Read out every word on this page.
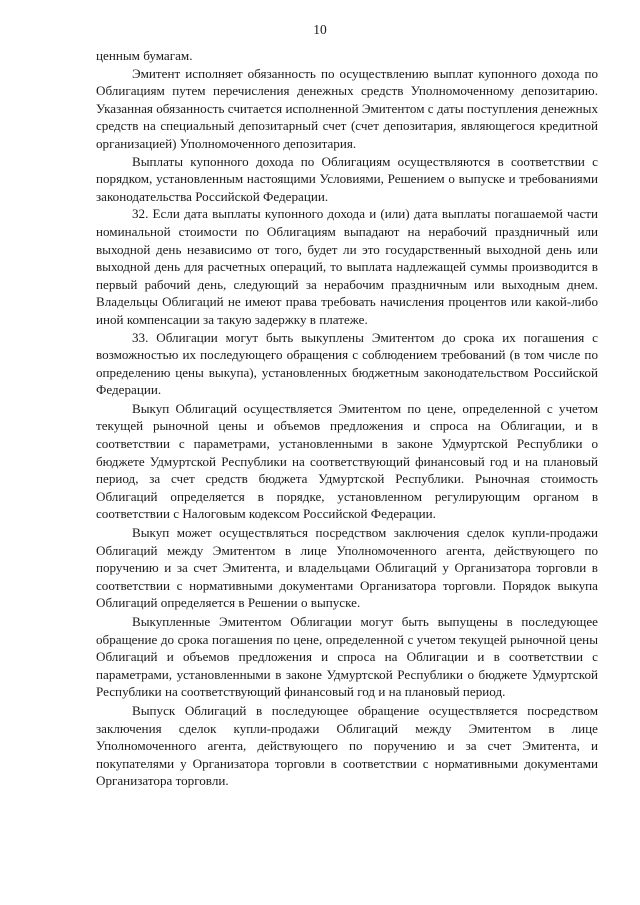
10

ценным бумагам.

Эмитент исполняет обязанность по осуществлению выплат купонного дохода по Облигациям путем перечисления денежных средств Уполномоченному депозитарию. Указанная обязанность считается исполненной Эмитентом с даты поступления денежных средств на специальный депозитарный счет (счет депозитария, являющегося кредитной организацией) Уполномоченного депозитария.

Выплаты купонного дохода по Облигациям осуществляются в соответствии с порядком, установленным настоящими Условиями, Решением о выпуске и требованиями законодательства Российской Федерации.

32. Если дата выплаты купонного дохода и (или) дата выплаты погашаемой части номинальной стоимости по Облигациям выпадают на нерабочий праздничный или выходной день независимо от того, будет ли это государственный выходной день или выходной день для расчетных операций, то выплата надлежащей суммы производится в первый рабочий день, следующий за нерабочим праздничным или выходным днем. Владельцы Облигаций не имеют права требовать начисления процентов или какой-либо иной компенсации за такую задержку в платеже.

33. Облигации могут быть выкуплены Эмитентом до срока их погашения с возможностью их последующего обращения с соблюдением требований (в том числе по определению цены выкупа), установленных бюджетным законодательством Российской Федерации.

Выкуп Облигаций осуществляется Эмитентом по цене, определенной с учетом текущей рыночной цены и объемов предложения и спроса на Облигации, и в соответствии с параметрами, установленными в законе Удмуртской Республики о бюджете Удмуртской Республики на соответствующий финансовый год и на плановый период, за счет средств бюджета Удмуртской Республики. Рыночная стоимость Облигаций определяется в порядке, установленном регулирующим органом в соответствии с Налоговым кодексом Российской Федерации.

Выкуп может осуществляться посредством заключения сделок купли-продажи Облигаций между Эмитентом в лице Уполномоченного агента, действующего по поручению и за счет Эмитента, и владельцами Облигаций у Организатора торговли в соответствии с нормативными документами Организатора торговли. Порядок выкупа Облигаций определяется в Решении о выпуске.

Выкупленные Эмитентом Облигации могут быть выпущены в последующее обращение до срока погашения по цене, определенной с учетом текущей рыночной цены Облигаций и объемов предложения и спроса на Облигации и в соответствии с параметрами, установленными в законе Удмуртской Республики о бюджете Удмуртской Республики на соответствующий финансовый год и на плановый период.

Выпуск Облигаций в последующее обращение осуществляется посредством заключения сделок купли-продажи Облигаций между Эмитентом в лице Уполномоченного агента, действующего по поручению и за счет Эмитента, и покупателями у Организатора торговли в соответствии с нормативными документами Организатора торговли.
